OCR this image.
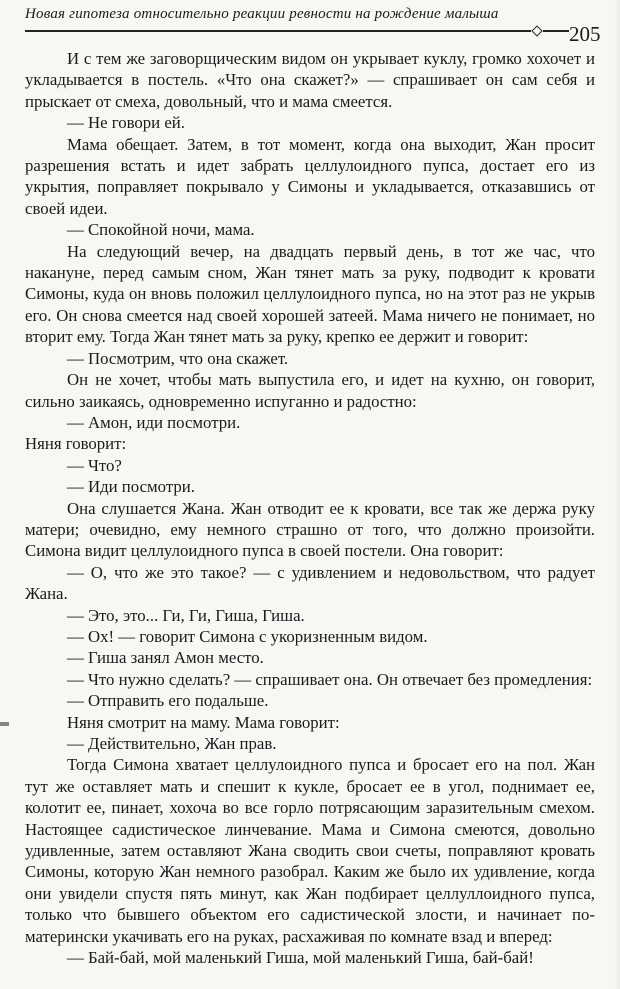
Новая гипотеза относительно реакции ревности на рождение малыша
205

И с тем же заговорщическим видом он укрывает куклу, громко хохочет и укладывается в постель. «Что она скажет?» — спрашивает он сам себя и прыскает от смеха, довольный, что и мама смеется.

— Не говори ей.

Мама обещает. Затем, в тот момент, когда она выходит, Жан просит разрешения встать и идет забрать целлулоидного пупса, достает его из укрытия, поправляет покрывало у Симоны и укладывается, отказавшись от своей идеи.

— Спокойной ночи, мама.

На следующий вечер, на двадцать первый день, в тот же час, что накануне, перед самым сном, Жан тянет мать за руку, подводит к кровати Симоны, куда он вновь положил целлулоидного пупса, но на этот раз не укрыв его. Он снова смеется над своей хорошей затеей. Мама ничего не понимает, но вторит ему. Тогда Жан тянет мать за руку, крепко ее держит и говорит:

— Посмотрим, что она скажет.

Он не хочет, чтобы мать выпустила его, и идет на кухню, он говорит, сильно заикаясь, одновременно испуганно и радостно:

— Амон, иди посмотри.

Няня говорит:

— Что?

— Иди посмотри.

Она слушается Жана. Жан отводит ее к кровати, все так же держа руку матери; очевидно, ему немного страшно от того, что должно произойти. Симона видит целлулоидного пупса в своей постели. Она говорит:

— О, что же это такое? — с удивлением и недовольством, что радует Жана.

— Это, это... Ги, Ги, Гиша, Гиша.

— Ох! — говорит Симона с укоризненным видом.

— Гиша занял Амон место.

— Что нужно сделать? — спрашивает она. Он отвечает без промедления:

— Отправить его подальше.

Няня смотрит на маму. Мама говорит:

— Действительно, Жан прав.

Тогда Симона хватает целлулоидного пупса и бросает его на пол. Жан тут же оставляет мать и спешит к кукле, бросает ее в угол, поднимает ее, колотит ее, пинает, хохоча во все горло потрясающим заразительным смехом. Настоящее садистическое линчевание. Мама и Симона смеются, довольно удивленные, затем оставляют Жана сводить свои счеты, поправляют кровать Симоны, которую Жан немного разобрал. Каким же было их удивление, когда они увидели спустя пять минут, как Жан подбирает целлуллоидного пупса, только что бывшего объектом его садистической злости, и начинает по-матерински укачивать его на руках, расхаживая по комнате взад и вперед:

— Бай-бай, мой маленький Гиша, мой маленький Гиша, бай-бай!
